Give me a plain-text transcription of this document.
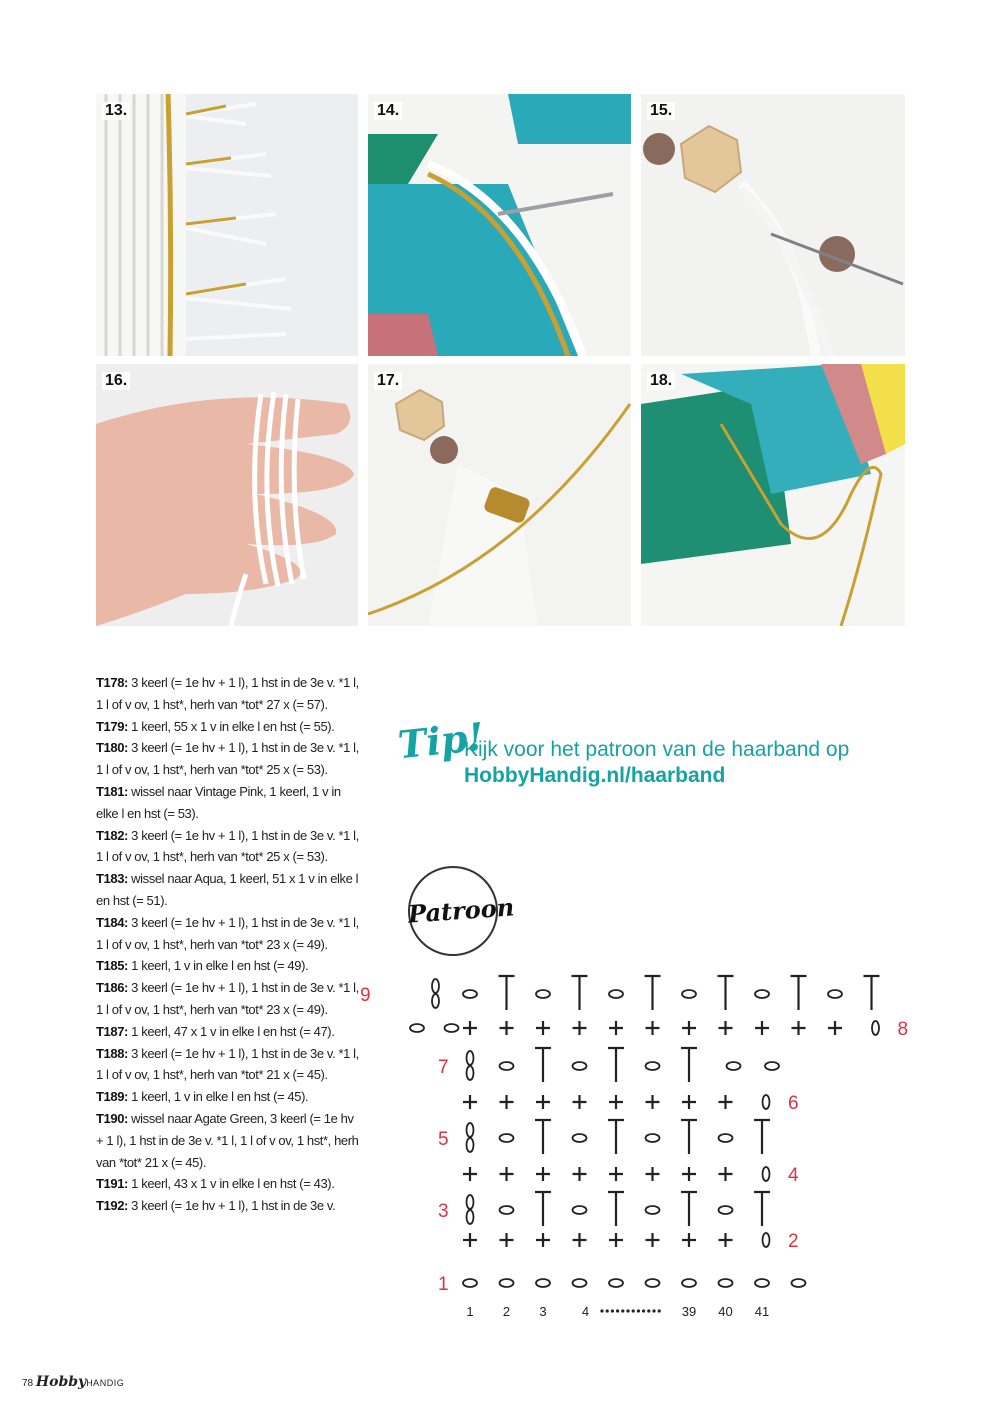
13.	14.	15.
16.	17.	18.
T178: 3 keerl (= 1e hv + 1 l), 1 hst in de 3e v. *1 l, 1 l of v ov, 1 hst*, herh van *tot* 27 x (= 57).
T179: 1 keerl, 55 x 1 v in elke l en hst (= 55).
T180: 3 keerl (= 1e hv + 1 l), 1 hst in de 3e v. *1 l, 1 l of v ov, 1 hst*, herh van *tot* 25 x (= 53).
T181: wissel naar Vintage Pink, 1 keerl, 1 v in elke l en hst (= 53).
T182: 3 keerl (= 1e hv + 1 l), 1 hst in de 3e v. *1 l, 1 l of v ov, 1 hst*, herh van *tot* 25 x (= 53).
T183: wissel naar Aqua, 1 keerl, 51 x 1 v in elke l en hst (= 51).
T184: 3 keerl (= 1e hv + 1 l), 1 hst in de 3e v. *1 l, 1 l of v ov, 1 hst*, herh van *tot* 23 x (= 49).
T185: 1 keerl, 1 v in elke l en hst (= 49).
T186: 3 keerl (= 1e hv + 1 l), 1 hst in de 3e v. *1 l, 1 l of v ov, 1 hst*, herh van *tot* 23 x (= 49).
T187: 1 keerl, 47 x 1 v in elke l en hst (= 47).
T188: 3 keerl (= 1e hv + 1 l), 1 hst in de 3e v. *1 l, 1 l of v ov, 1 hst*, herh van *tot* 21 x (= 45).
T189: 1 keerl, 1 v in elke l en hst (= 45).
T190: wissel naar Agate Green, 3 keerl (= 1e hv + 1 l), 1 hst in de 3e v. *1 l, 1 l of v ov, 1 hst*, herh van *tot* 21 x (= 45).
T191: 1 keerl, 43 x 1 v in elke l en hst (= 43).
T192: 3 keerl (= 1e hv + 1 l), 1 hst in de 3e v.
Tip!
Kijk voor het patroon van de haarband op
HobbyHandig.nl/haarband
Patroon
1
2
4
6
3
5
7
8
9
1 2 3	4	39 40 41
78 HobbyHANDIG
